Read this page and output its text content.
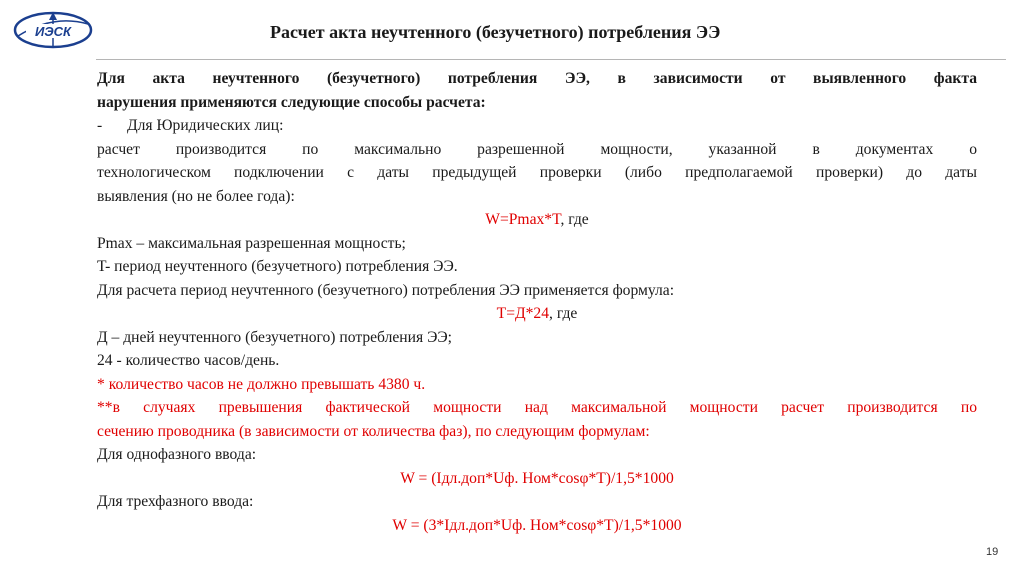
ИЭСК	Расчет акта неучтенного (безучетного) потребления ЭЭ

Для акта неучтенного (безучетного) потребления ЭЭ, в зависимости от выявленного факта

нарушения применяются следующие способы расчета:

- Для Юридических лиц:

расчет производится по максимально разрешенной мощности, указанной в документах о

технологическом подключении с даты предыдущей проверки (либо предполагаемой проверки) до даты

выявления (но не более года):

W=Pmax*T, где

Pmax – максимальная разрешенная мощность;

T- период неучтенного (безучетного) потребления ЭЭ.

Для расчета период неучтенного (безучетного) потребления ЭЭ применяется формула:

T=Д*24, где

Д – дней неучтенного (безучетного) потребления ЭЭ;

24 - количество часов/день.

* количество часов не должно превышать 4380 ч.

**в случаях превышения фактической мощности над максимальной мощности расчет производится по

сечению проводника (в зависимости от количества фаз), по следующим формулам:

Для однофазного ввода:

W = (Iдл.доп*Uф. Ном*cosφ*T)/1,5*1000

Для трехфазного ввода:

W = (3*Iдл.доп*Uф. Ном*cosφ*T)/1,5*1000

19
